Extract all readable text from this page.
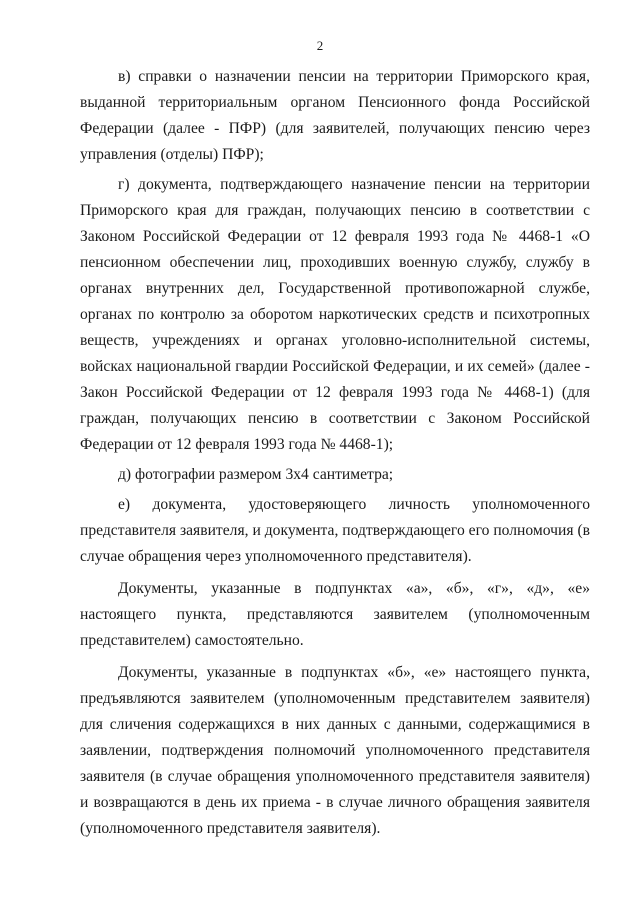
2

в) справки о назначении пенсии на территории Приморского края, выданной территориальным органом Пенсионного фонда Российской Федерации (далее - ПФР) (для заявителей, получающих пенсию через управления (отделы) ПФР);

г) документа, подтверждающего назначение пенсии на территории Приморского края для граждан, получающих пенсию в соответствии с Законом Российской Федерации от 12 февраля 1993 года № 4468-1 «О пенсионном обеспечении лиц, проходивших военную службу, службу в органах внутренних дел, Государственной противопожарной службе, органах по контролю за оборотом наркотических средств и психотропных веществ, учреждениях и органах уголовно-исполнительной системы, войсках национальной гвардии Российской Федерации, и их семей» (далее - Закон Российской Федерации от 12 февраля 1993 года № 4468-1) (для граждан, получающих пенсию в соответствии с Законом Российской Федерации от 12 февраля 1993 года № 4468-1);

д) фотографии размером 3х4 сантиметра;

е) документа, удостоверяющего личность уполномоченного представителя заявителя, и документа, подтверждающего его полномочия (в случае обращения через уполномоченного представителя).

Документы, указанные в подпунктах «а», «б», «г», «д», «е» настоящего пункта, представляются заявителем (уполномоченным представителем) самостоятельно.

Документы, указанные в подпунктах «б», «е» настоящего пункта, предъявляются заявителем (уполномоченным представителем заявителя) для сличения содержащихся в них данных с данными, содержащимися в заявлении, подтверждения полномочий уполномоченного представителя заявителя (в случае обращения уполномоченного представителя заявителя) и возвращаются в день их приема - в случае личного обращения заявителя (уполномоченного представителя заявителя).
